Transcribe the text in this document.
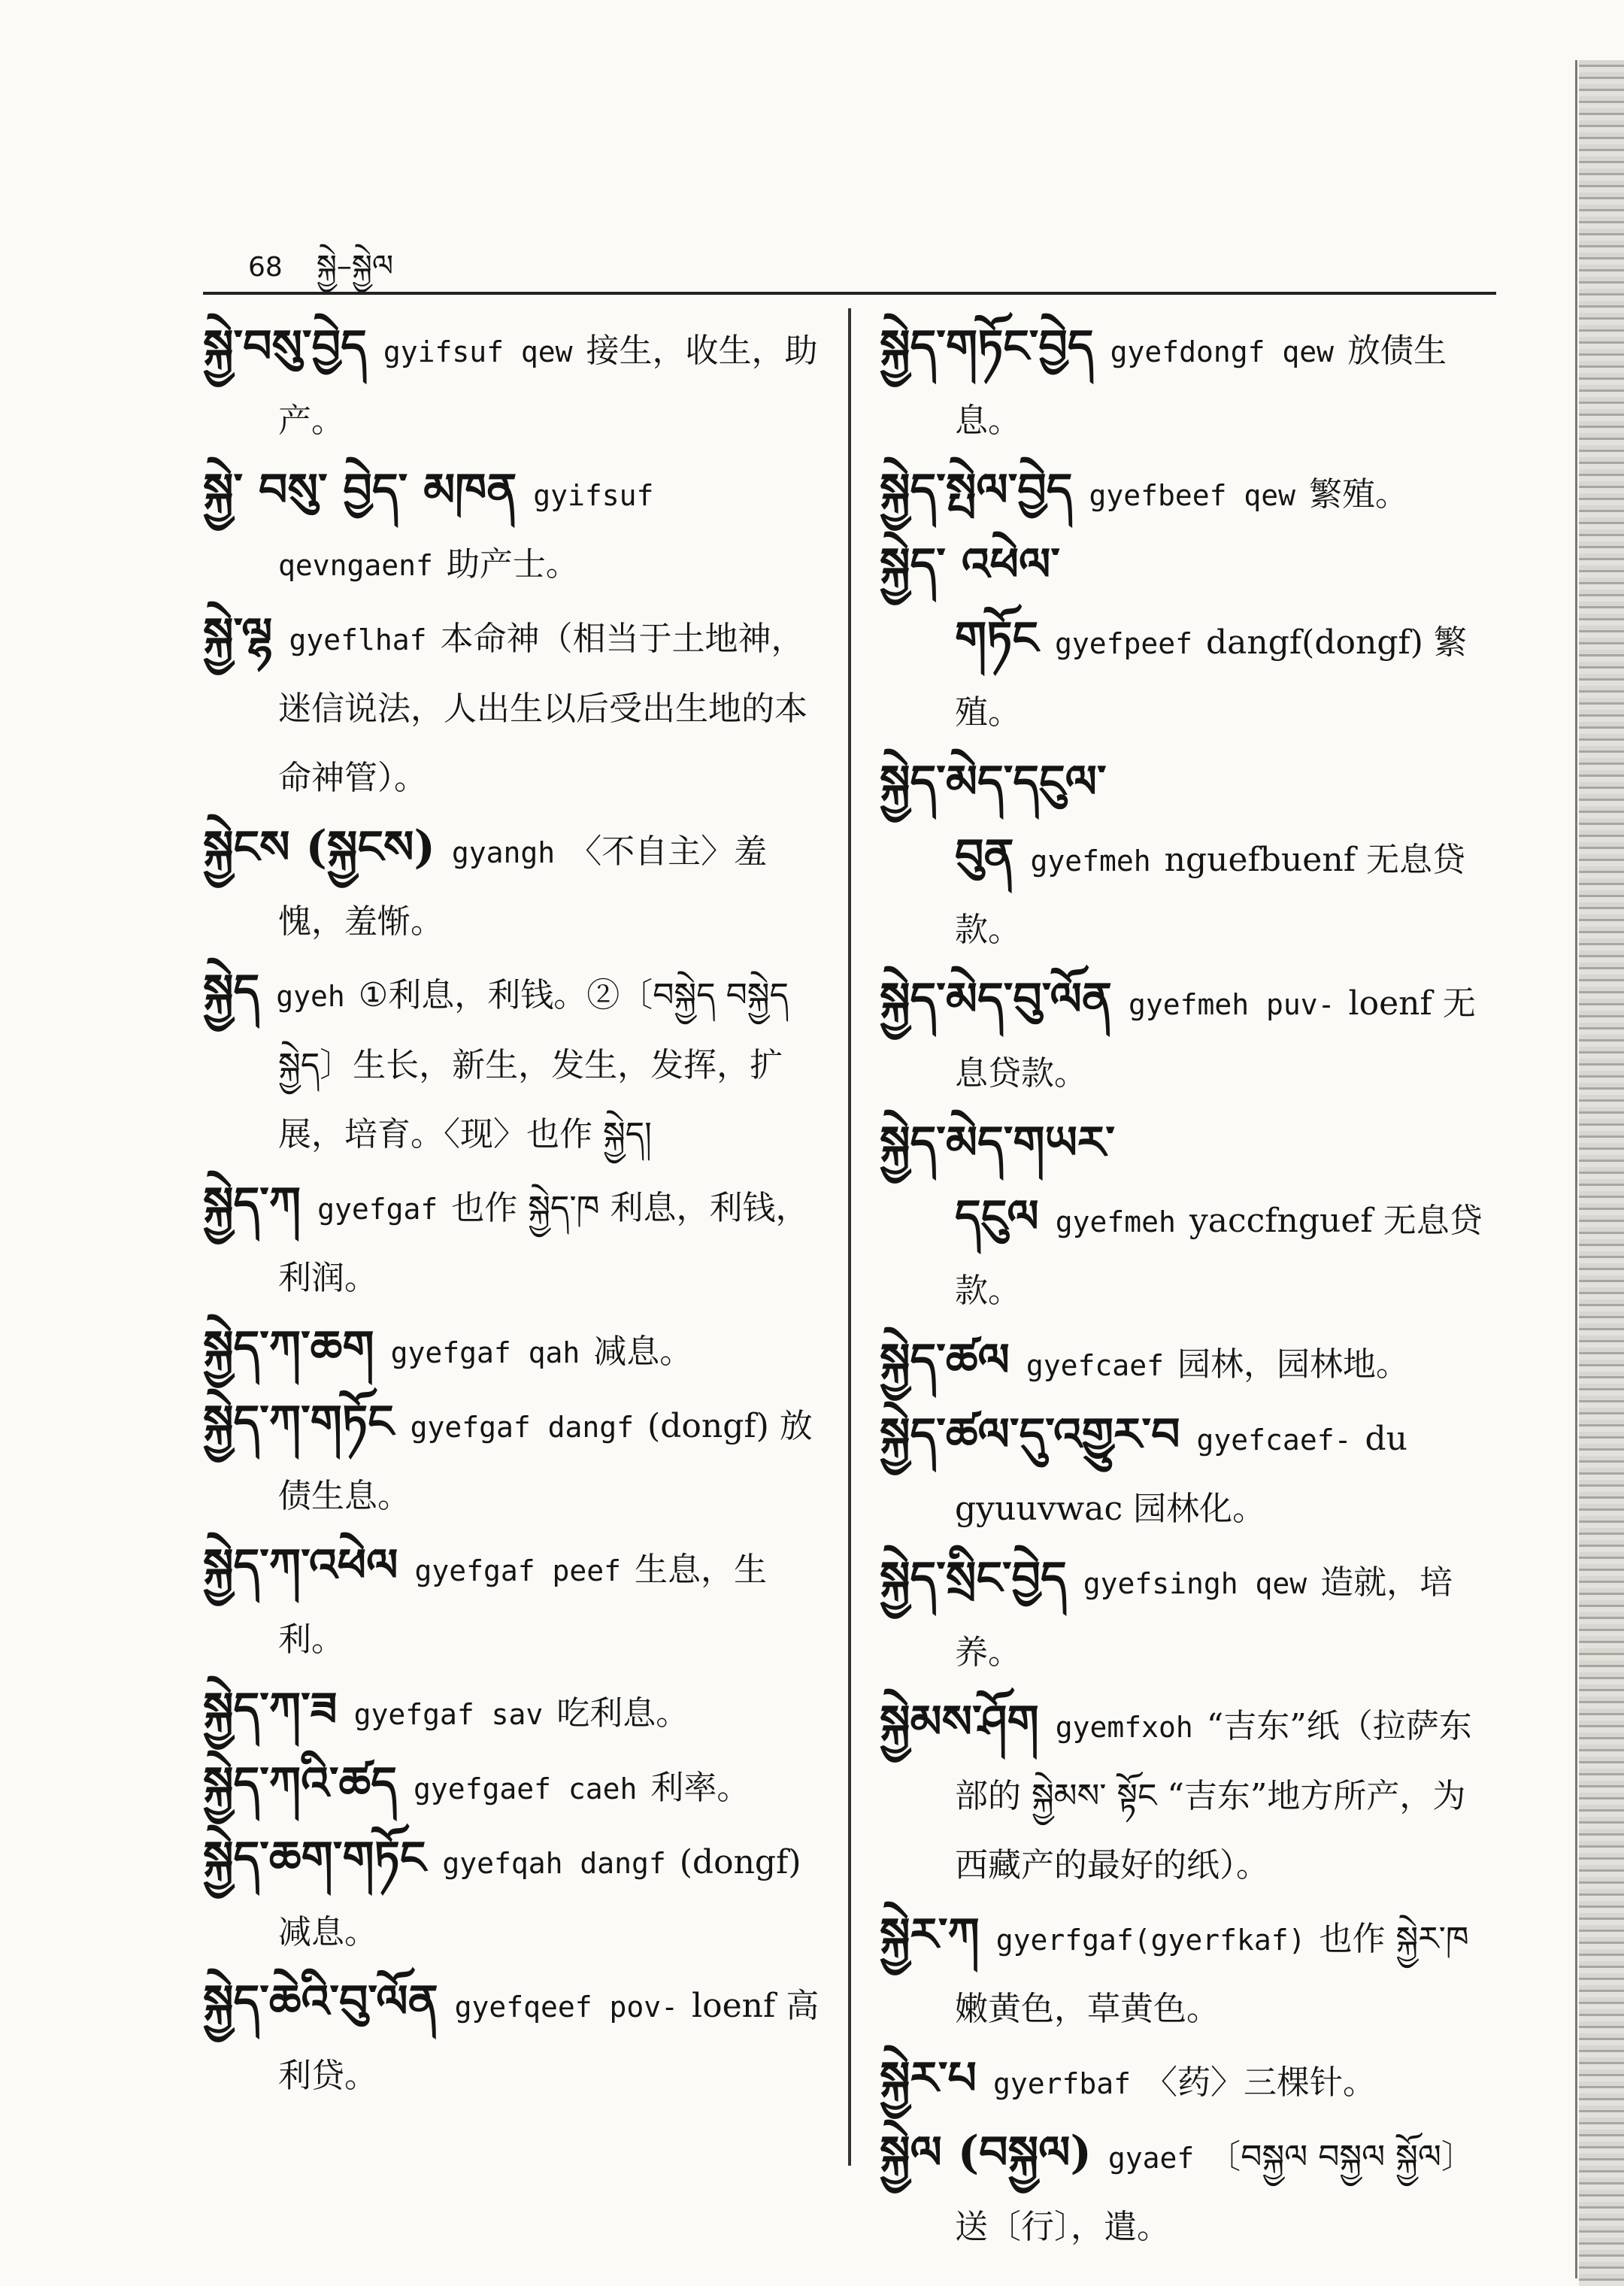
68 སྐྱེ–སྐྱེལ

སྐྱེ་བསུ་བྱེད gyifsuf qew 接生，收生，助产。

སྐྱེ་ བསུ་ བྱེད་ མཁན gyifsuf qevngaenf 助产士。

སྐྱེ་ལྷ gyeflhaf 本命神（相当于土地神，迷信说法，人出生以后受出生地的本命神管）。

སྐྱེངས (སྐྱངས) gyangh 〈不自主〉羞愧，羞惭。

སྐྱེད gyeh ①利息，利钱。②〔བསྐྱེད བསྐྱེད སྐྱེད〕生长，新生，发生，发挥，扩展，培育。〈现〉也作 སྐྱེད།

སྐྱེད་ཀ gyefgaf 也作 སྐྱེད་ཁ 利息，利钱，利润。

སྐྱེད་ཀ་ཆག gyefgaf qah 减息。

སྐྱེད་ཀ་གཏོང gyefgaf dangf (dongf) 放债生息。

སྐྱེད་ཀ་འཕེལ gyefgaf peef 生息，生利。

སྐྱེད་ཀ་ཟ gyefgaf sav 吃利息。

སྐྱེད་ཀའི་ཚད gyefgaef caeh 利率。

སྐྱེད་ཆག་གཏོང gyefqah dangf (dongf) 减息。

སྐྱེད་ཆེའི་བུ་ལོན gyefqeef pov- loenf 高利贷。

སྐྱེད་གཏོང་བྱེད gyefdongf qew 放债生息。

སྐྱེད་སྤེལ་བྱེད gyefbeef qew 繁殖。

སྐྱེད་ འཕེལ་ གཏོང gyefpeef dangf(dongf) 繁殖。

སྐྱེད་མེད་དངུལ་བུན gyefmeh nguefbuenf 无息贷款。

སྐྱེད་མེད་བུ་ལོན gyefmeh puv- loenf 无息贷款。

སྐྱེད་མེད་གཡར་དངུལ gyefmeh yaccfnguef 无息贷款。

སྐྱེད་ཚལ gyefcaef 园林，园林地。

སྐྱེད་ཚལ་དུ་འགྱུར་བ gyefcaef- du gyuuvwac 园林化。

སྐྱེད་སྲིང་བྱེད gyefsingh qew 造就，培养。

སྐྱེམས་ཤོག gyemfxoh “吉东”纸（拉萨东部的 སྐྱེམས་ སྟོང “吉东”地方所产，为西藏产的最好的纸）。

སྐྱེར་ཀ gyerfgaf(gyerfkaf) 也作 སྐྱེར་ཁ 嫩黄色，草黄色。

སྐྱེར་པ gyerfbaf 〈药〉三棵针。

སྐྱེལ (བསྐྱལ) gyaef 〔བསྐྱལ བསྐྱལ སྐྱོལ〕送〔行〕，遣。
